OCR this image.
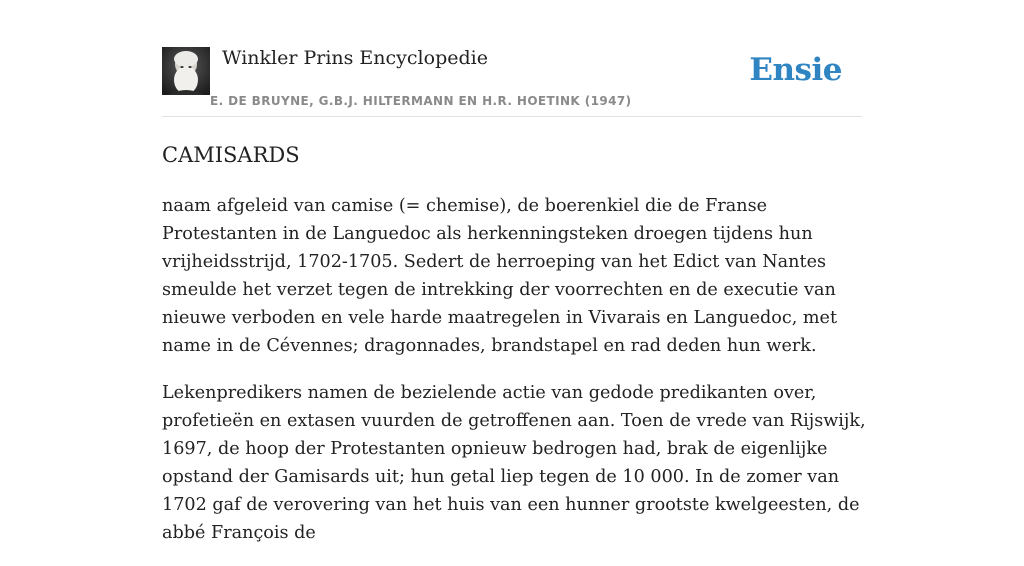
Winkler Prins Encyclopedie
E. DE BRUYNE, G.B.J. HILTERMANN EN H.R. HOETINK (1947)
Ensie
CAMISARDS

naam afgeleid van camise (= chemise), de boerenkiel die de Franse Protestanten in de Languedoc als herkenningsteken droegen tijdens hun vrijheidsstrijd, 1702-1705. Sedert de herroeping van het Edict van Nantes smeulde het verzet tegen de intrekking der voorrechten en de executie van nieuwe verboden en vele harde maatregelen in Vivarais en Languedoc, met name in de Cévennes; dragonnades, brandstapel en rad deden hun werk.

Lekenpredikers namen de bezielende actie van gedode predikanten over, profetieën en extasen vuurden de getroffenen aan. Toen de vrede van Rijswijk, 1697, de hoop der Protestanten opnieuw bedrogen had, brak de eigenlijke opstand der Gamisards uit; hun getal liep tegen de 10 000. In de zomer van 1702 gaf de verovering van het huis van een hunner grootste kwelgeesten, de abbé François de
